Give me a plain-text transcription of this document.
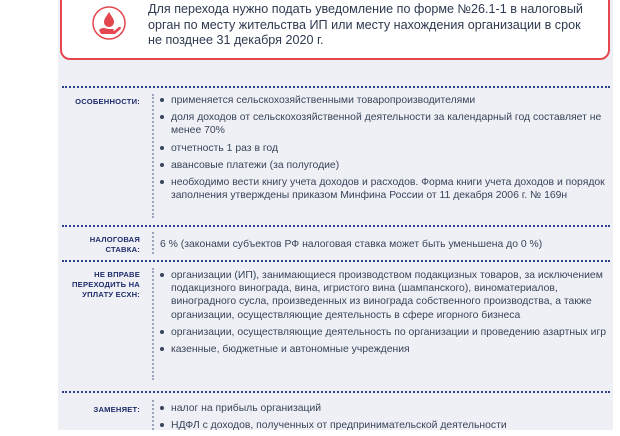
Для перехода нужно подать уведомление по форме №26.1-1 в налоговый орган по месту жительства ИП или месту нахождения организации в срок не позднее 31 декабря 2020 г.
ОСОБЕННОСТИ:	применяется сельскохозяйственными товаропроизводителями
доля доходов от сельскохозяйственной деятельности за календарный год составляет не менее 70%
отчетность 1 раз в год
авансовые платежи (за полугодие)
необходимо вести книгу учета доходов и расходов. Форма книги учета доходов и порядок заполнения утверждены приказом Минфина России от 11 декабря 2006 г. № 169н
НАЛОГОВАЯ СТАВКА: 6 % (законами субъектов РФ налоговая ставка может быть уменьшена до 0 %)
НЕ ВПРАВЕ ПЕРЕХОДИТЬ НА УПЛАТУ ЕСХН:
организации (ИП), занимающиеся производством подакцизных товаров, за исключением подакцизного винограда, вина, игристого вина (шампанского), виноматериалов, виноградного сусла, произведенных из винограда собственного производства, а также организации, осуществляющие деятельность в сфере игорного бизнеса
организации, осуществляющие деятельность по организации и проведению азартных игр
казенные, бюджетные и автономные учреждения
ЗАМЕНЯЕТ:	налог на прибыль организаций
НДФЛ с доходов, полученных от предпринимательской деятельности
